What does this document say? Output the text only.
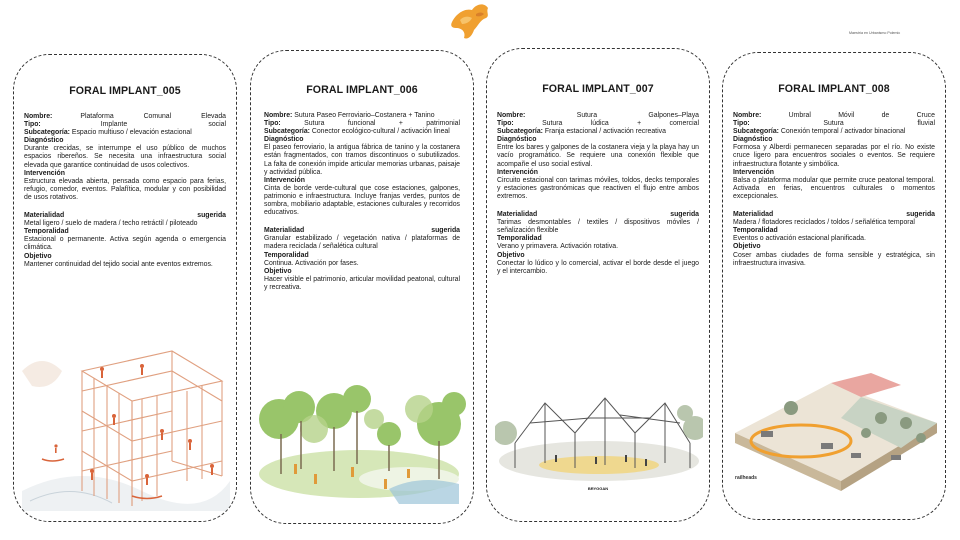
Maestría en Urbanismo Polemic
FORAL IMPLANT_005

Nombre:	Plataforma Comunal Elevada

Tipo:	Implante social

Subcategoría: Espacio multiuso / elevación estacional

Diagnóstico
Durante crecidas, se interrumpe el uso público de muchos espacios ribereños. Se necesita una infraestructura social elevada que garantice continuidad de usos colectivos.

Intervención
Estructura elevada abierta, pensada como espacio para ferias, refugio, comedor, eventos. Palafítica, modular y con posibilidad de usos rotativos.

Materialidad	sugerida

Metal ligero / suelo de madera / techo retráctil / piloteado

Temporalidad
Estacional o permanente. Activa según agenda o emergencia climática.

Objetivo
Mantener continuidad del tejido social ante eventos extremos.

FORAL IMPLANT_006

Nombre: Sutura Paseo Ferroviario–Costanera + Tanino

Tipo:	Sutura	funcional	+	patrimonial

Subcategoría: Conector ecológico-cultural / activación lineal

Diagnóstico
El paseo ferroviario, la antigua fábrica de tanino y la costanera están fragmentados, con tramos discontinuos o subutilizados. La falta de conexión impide articular memorias urbanas, paisaje y actividad pública.

Intervención
Cinta de borde verde-cultural que cose estaciones, galpones, patrimonio e infraestructura. Incluye franjas verdes, puntos de sombra, mobiliario adaptable, estaciones culturales y recorridos educativos.

Materialidad	sugerida

Granular estabilizado / vegetación nativa / plataformas de madera reciclada / señalética cultural

Temporalidad
Continua. Activación por fases.

Objetivo
Hacer visible el patrimonio, articular movilidad peatonal, cultural y recreativa.

FORAL IMPLANT_007

Nombre:	Sutura	Galpones–Playa

Tipo:	Sutura	lúdica	+	comercial

Subcategoría: Franja estacional / activación recreativa

Diagnóstico
Entre los bares y galpones de la costanera vieja y la playa hay un vacío programático. Se requiere una conexión flexible que acompañe el uso social estival.

Intervención
Circuito estacional con tarimas móviles, toldos, decks temporales y estaciones gastronómicas que reactiven el flujo entre ambos extremos.

Materialidad	sugerida

Tarimas desmontables / textiles / dispositivos móviles / señalización flexible

Temporalidad
Verano y primavera. Activación rotativa.

Objetivo
Conectar lo lúdico y lo comercial, activar el borde desde el juego y el intercambio.

BRYGGAN
FORAL IMPLANT_008

Nombre:	Umbral	Móvil	de	Cruce

Tipo:	Sutura	fluvial

Subcategoría: Conexión temporal / activador binacional

Diagnóstico
Formosa y Alberdi permanecen separadas por el río. No existe cruce ligero para encuentros sociales o eventos. Se requiere infraestructura flotante y simbólica.

Intervención
Balsa o plataforma modular que permite cruce peatonal temporal. Activada en ferias, encuentros culturales o momentos excepcionales.

Materialidad	sugerida

Madera / flotadores reciclados / toldos / señalética temporal

Temporalidad
Eventos o activación estacional planificada.

Objetivo
Coser ambas ciudades de forma sensible y estratégica, sin infraestructura invasiva.

railheads
